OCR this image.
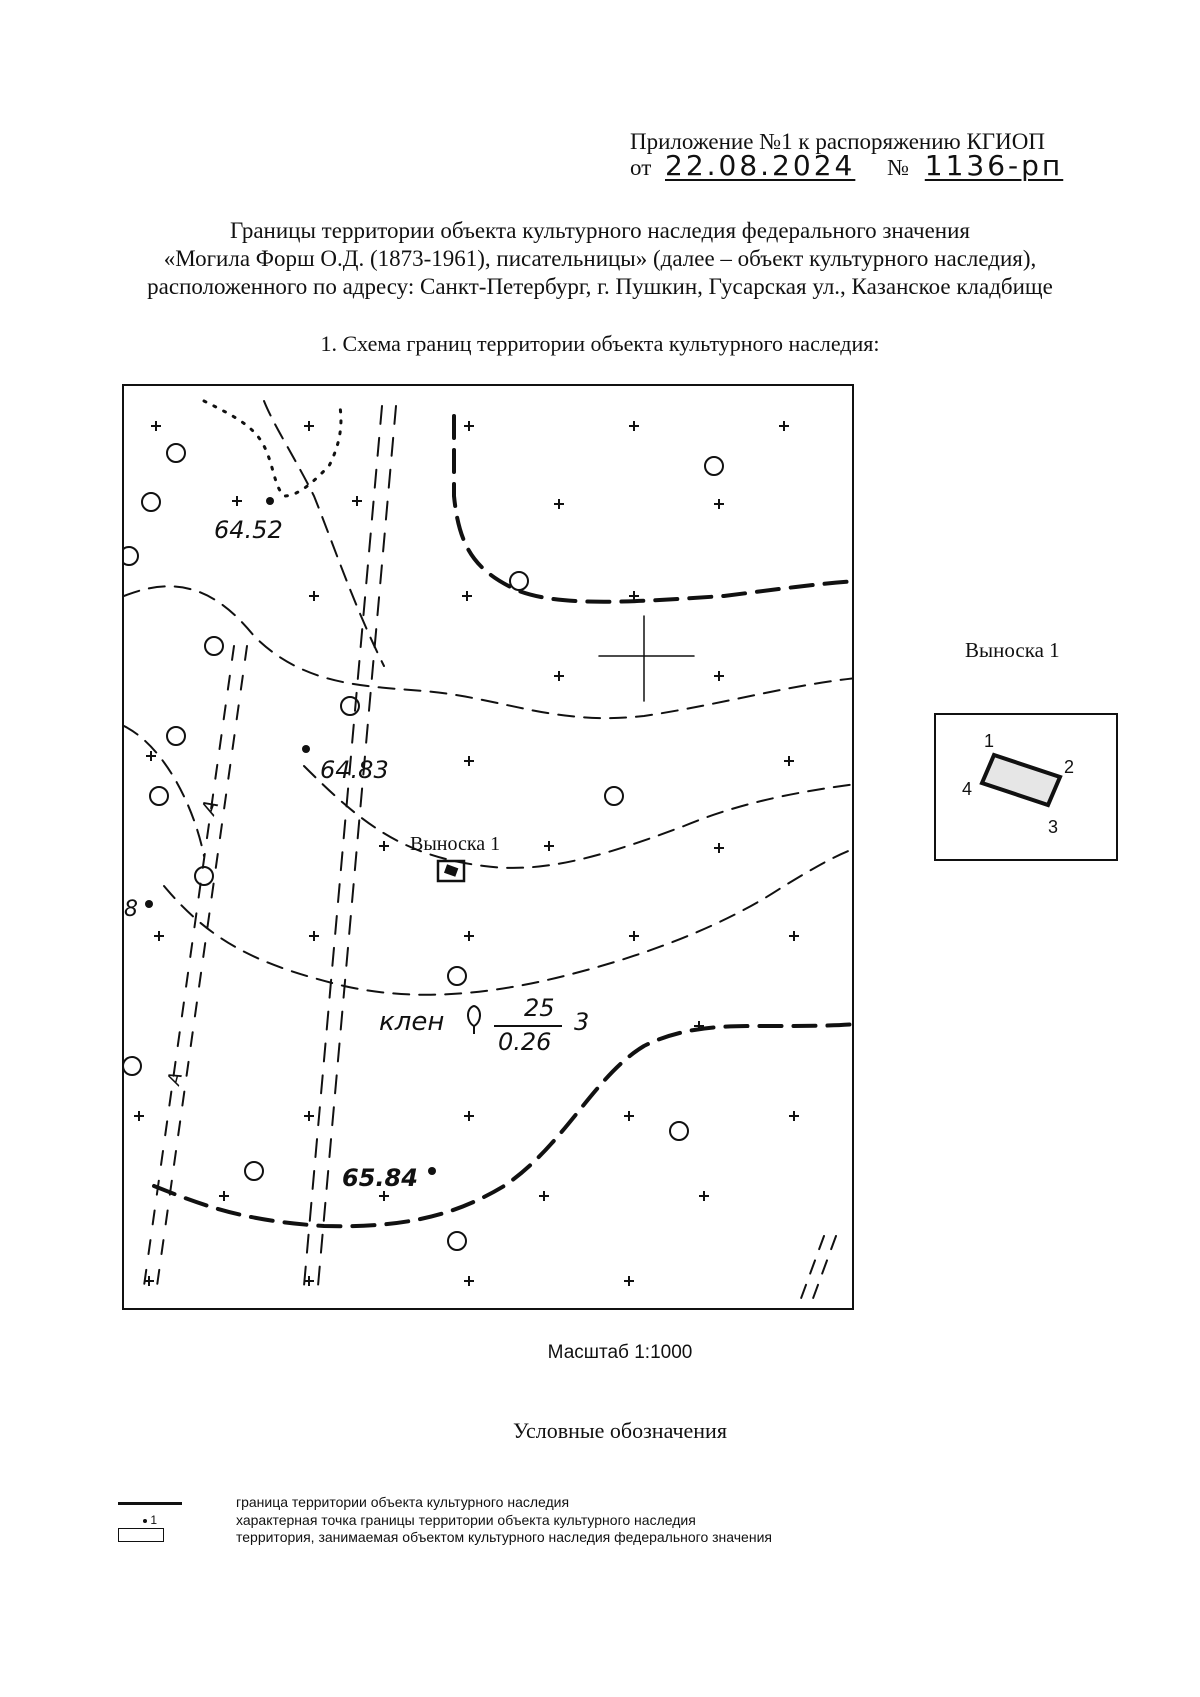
Приложение №1 к распоряжению КГИОП
от 22.08.2024 № 1136-рп
Границы территории объекта культурного наследия федерального значения
«Могила Форш О.Д. (1873-1961), писательницы» (далее – объект культурного наследия),
расположенного по адресу: Санкт-Петербург, г. Пушкин, Гусарская ул., Казанское кладбище
1. Схема границ территории объекта культурного наследия:
64.52
64.83
65.84
8
клен	25
0.26
3
A
A
Выноска 1
Выноска 1
1
2
3
4
Масштаб 1:1000
Условные обозначения
1
граница территории объекта культурного наследия
характерная точка границы территории объекта культурного наследия
территория, занимаемая объектом культурного наследия федерального значения
